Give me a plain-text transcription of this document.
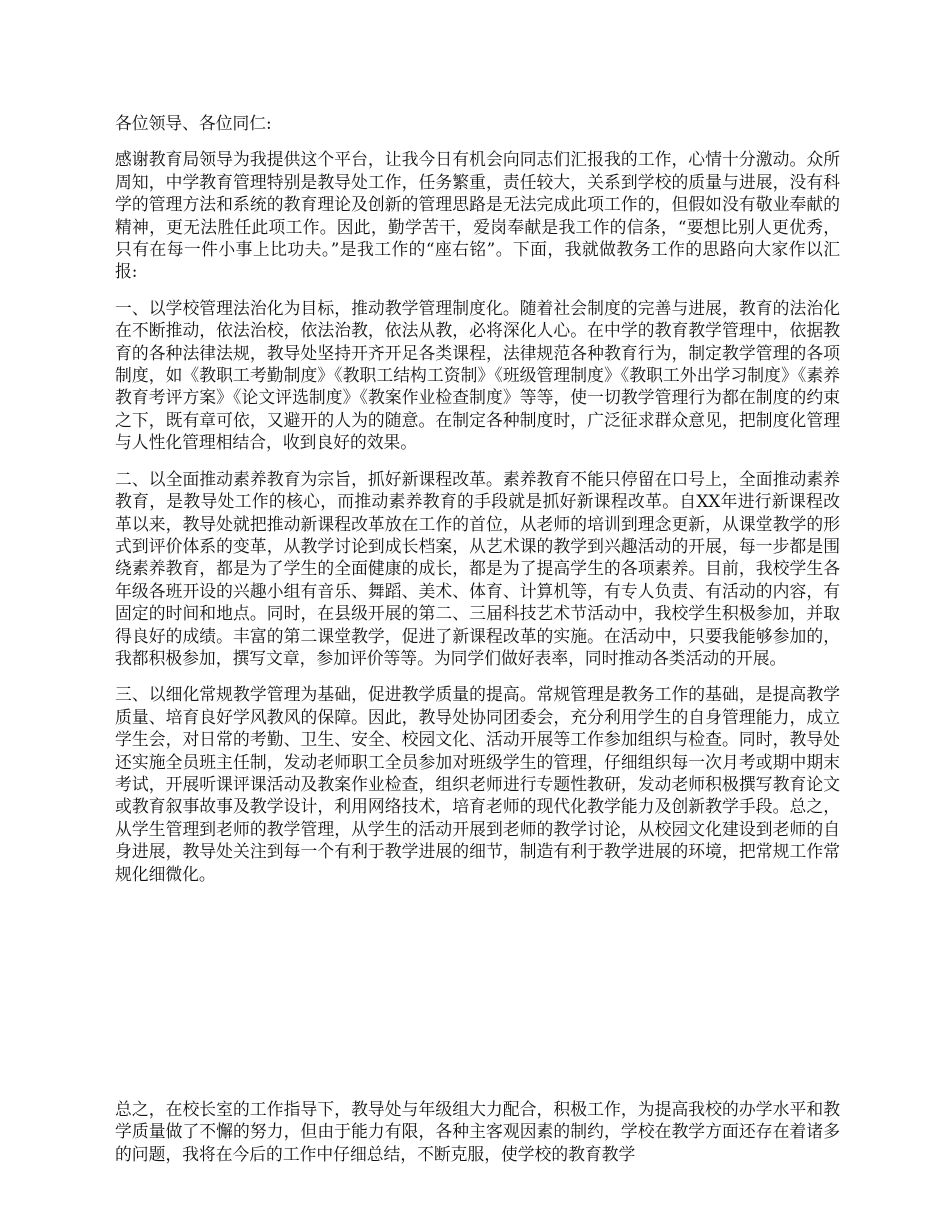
各位领导、各位同仁:

感谢教育局领导为我提供这个平台，让我今日有机会向同志们汇报我的工作，心情十分激动。众所周知，中学教育管理特别是教导处工作，任务繁重，责任较大，关系到学校的质量与进展，没有科学的管理方法和系统的教育理论及创新的管理思路是无法完成此项工作的，但假如没有敬业奉献的精神，更无法胜任此项工作。因此，勤学苦干，爱岗奉献是我工作的信条，“要想比别人更优秀，只有在每一件小事上比功夫。”是我工作的“座右铭”。下面，我就做教务工作的思路向大家作以汇报:

一、以学校管理法治化为目标，推动教学管理制度化。随着社会制度的完善与进展，教育的法治化在不断推动，依法治校，依法治教，依法从教，必将深化人心。在中学的教育教学管理中，依据教育的各种法律法规，教导处坚持开齐开足各类课程，法律规范各种教育行为，制定教学管理的各项制度，如《教职工考勤制度》《教职工结构工资制》《班级管理制度》《教职工外出学习制度》《素养教育考评方案》《论文评选制度》《教案作业检查制度》等等，使一切教学管理行为都在制度的约束之下，既有章可依，又避开的人为的随意。在制定各种制度时，广泛征求群众意见，把制度化管理与人性化管理相结合，收到良好的效果。

二、以全面推动素养教育为宗旨，抓好新课程改革。素养教育不能只停留在口号上，全面推动素养教育，是教导处工作的核心，而推动素养教育的手段就是抓好新课程改革。自XX年进行新课程改革以来，教导处就把推动新课程改革放在工作的首位，从老师的培训到理念更新，从课堂教学的形式到评价体系的变革，从教学讨论到成长档案，从艺术课的教学到兴趣活动的开展，每一步都是围绕素养教育，都是为了学生的全面健康的成长，都是为了提高学生的各项素养。目前，我校学生各年级各班开设的兴趣小组有音乐、舞蹈、美术、体育、计算机等，有专人负责、有活动的内容，有固定的时间和地点。同时，在县级开展的第二、三届科技艺术节活动中，我校学生积极参加，并取得良好的成绩。丰富的第二课堂教学，促进了新课程改革的实施。在活动中，只要我能够参加的，我都积极参加，撰写文章，参加评价等等。为同学们做好表率，同时推动各类活动的开展。

三、以细化常规教学管理为基础，促进教学质量的提高。常规管理是教务工作的基础，是提高教学质量、培育良好学风教风的保障。因此，教导处协同团委会，充分利用学生的自身管理能力，成立学生会，对日常的考勤、卫生、安全、校园文化、活动开展等工作参加组织与检查。同时，教导处还实施全员班主任制，发动老师职工全员参加对班级学生的管理，仔细组织每一次月考或期中期末考试，开展听课评课活动及教案作业检查，组织老师进行专题性教研，发动老师积极撰写教育论文或教育叙事故事及教学设计，利用网络技术，培育老师的现代化教学能力及创新教学手段。总之，从学生管理到老师的教学管理，从学生的活动开展到老师的教学讨论，从校园文化建设到老师的自身进展，教导处关注到每一个有利于教学进展的细节，制造有利于教学进展的环境，把常规工作常规化细微化。

总之，在校长室的工作指导下，教导处与年级组大力配合，积极工作，为提高我校的办学水平和教学质量做了不懈的努力，但由于能力有限，各种主客观因素的制约，学校在教学方面还存在着诸多的问题，我将在今后的工作中仔细总结，不断克服，使学校的教育教学
